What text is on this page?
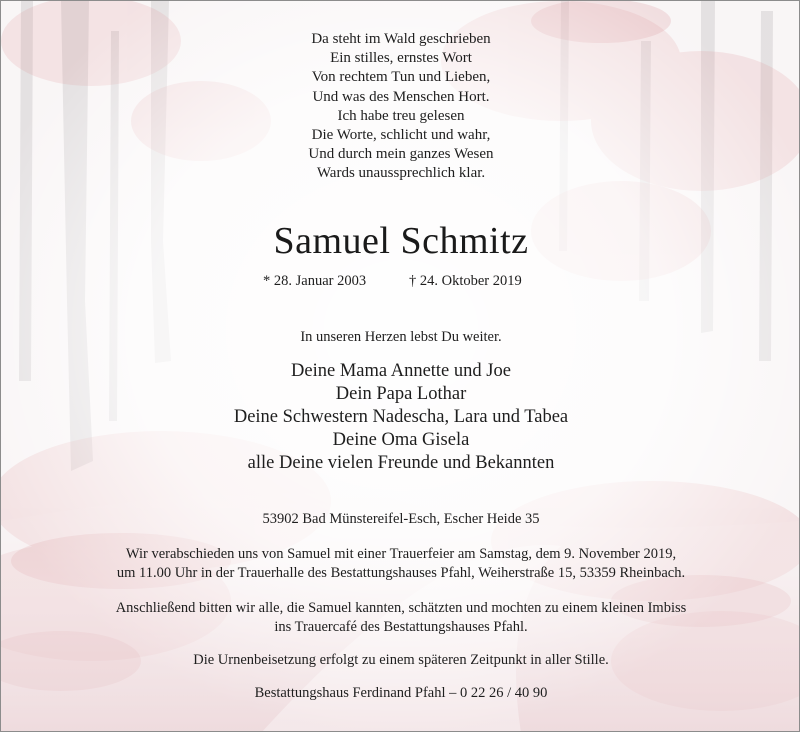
Da steht im Wald geschrieben
Ein stilles, ernstes Wort
Von rechtem Tun und Lieben,
Und was des Menschen Hort.
Ich habe treu gelesen
Die Worte, schlicht und wahr,
Und durch mein ganzes Wesen
Wards unaussprechlich klar.
Samuel Schmitz
* 28. Januar 2003	† 24. Oktober 2019
In unseren Herzen lebst Du weiter.
Deine Mama Annette und Joe
Dein Papa Lothar
Deine Schwestern Nadescha, Lara und Tabea
Deine Oma Gisela
alle Deine vielen Freunde und Bekannten
53902 Bad Münstereifel-Esch, Escher Heide 35
Wir verabschieden uns von Samuel mit einer Trauerfeier am Samstag, dem 9. November 2019,
um 11.00 Uhr in der Trauerhalle des Bestattungshauses Pfahl, Weiherstraße 15, 53359 Rheinbach.
Anschließend bitten wir alle, die Samuel kannten, schätzten und mochten zu einem kleinen Imbiss
ins Trauercafé des Bestattungshauses Pfahl.
Die Urnenbeisetzung erfolgt zu einem späteren Zeitpunkt in aller Stille.
Bestattungshaus Ferdinand Pfahl – 0 22 26 / 40 90
